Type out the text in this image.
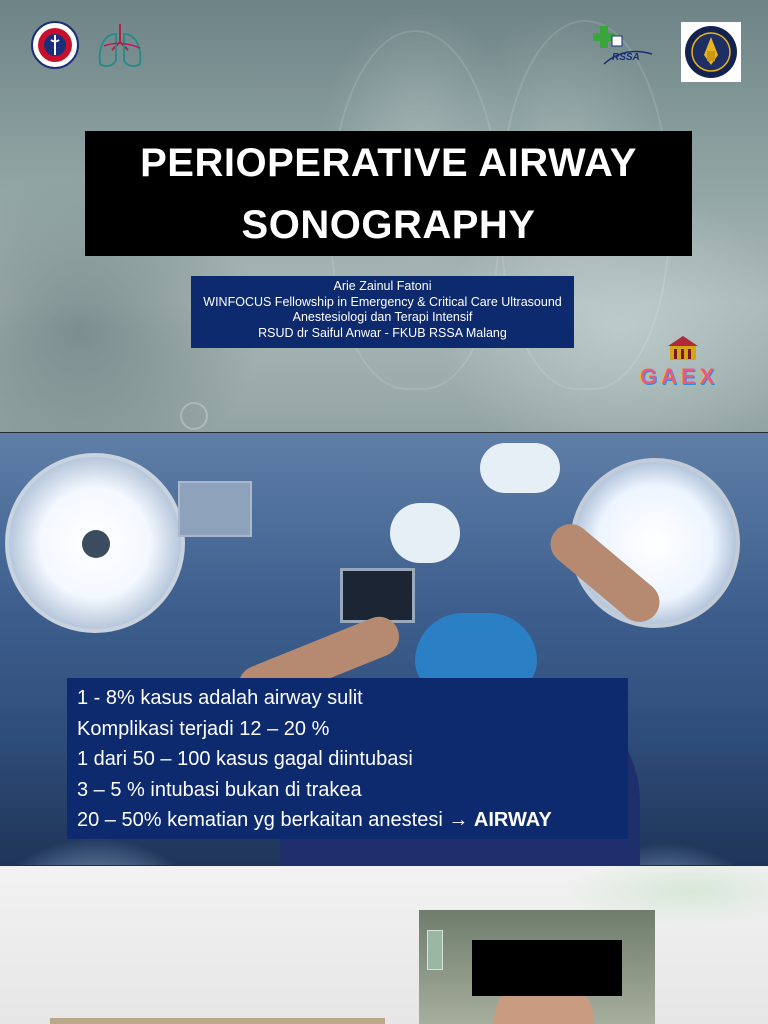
RSSA
PERIOPERATIVE AIRWAY
SONOGRAPHY
Arie Zainul Fatoni
WINFOCUS Fellowship in Emergency & Critical Care Ultrasound
Anestesiologi dan Terapi Intensif
RSUD dr Saiful Anwar - FKUB RSSA Malang
GAEX
1 - 8% kasus adalah airway sulit
Komplikasi terjadi 12 – 20 %
1 dari 50 – 100 kasus gagal diintubasi
3 – 5 % intubasi bukan di trakea
20 – 50% kematian yg berkaitan anestesi → AIRWAY
